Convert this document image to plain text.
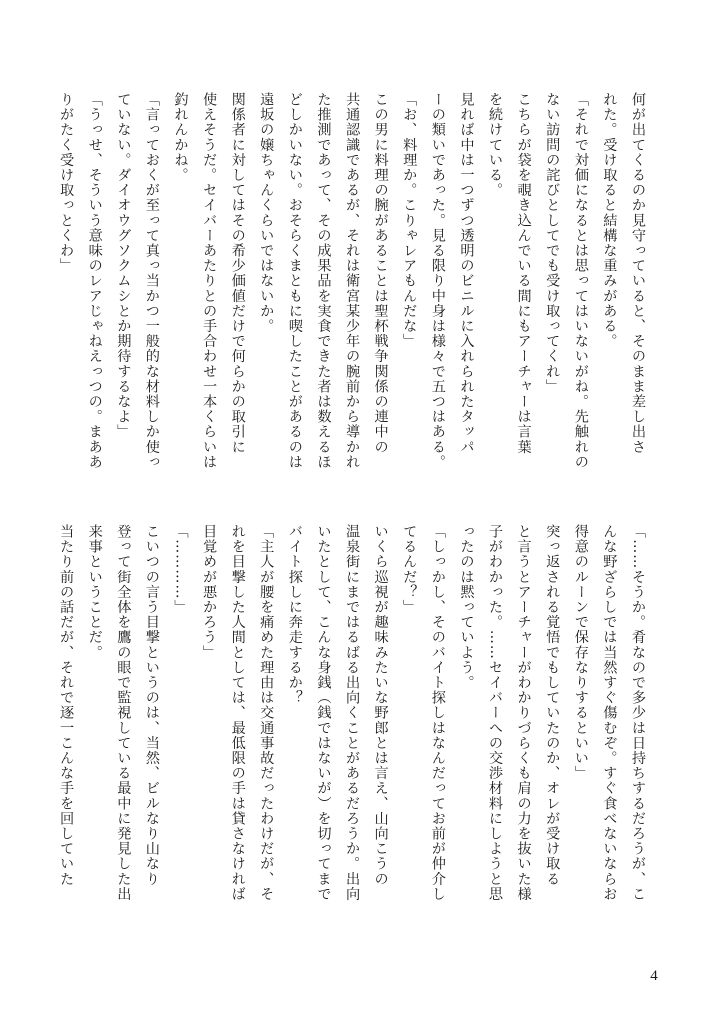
何が出てくるのか見守っていると、そのまま差し出さ
れた。受け取ると結構な重みがある。
「それで対価になるとは思ってはいないがね。先触れの
ない訪問の詫びとしてでも受け取ってくれ」
こちらが袋を覗き込んでいる間にもアーチャーは言葉
を続けている。
見れば中は一つずつ透明のビニルに入れられたタッパ
ーの類いであった。見る限り中身は様々で五つはある。
「お、料理か。こりゃレアもんだな」
この男に料理の腕があることは聖杯戦争関係の連中の
共通認識であるが、それは衛宮某少年の腕前から導かれ
た推測であって、その成果品を実食できた者は数えるほ
どしかいない。おそらくまともに喫したことがあるのは
遠坂の嬢ちゃんくらいではないか。
関係者に対してはその希少価値だけで何らかの取引に
使えそうだ。セイバーあたりとの手合わせ一本くらいは
釣れんかね。
「言っておくが至って真っ当かつ一般的な材料しか使っ
ていない。ダイオウグソクムシとか期待するなよ」
「うっせ、そういう意味のレアじゃねえっつの。まああ
りがたく受け取っとくわ」
「……そうか。肴なので多少は日持ちするだろうが、こ
んな野ざらしでは当然すぐ傷むぞ。すぐ食べないならお
得意のルーンで保存なりするといい」
突っ返される覚悟でもしていたのか、オレが受け取る
と言うとアーチャーがわかりづらくも肩の力を抜いた様
子がわかった。……セイバーへの交渉材料にしようと思
ったのは黙っていよう。
「しっかし、そのバイト探しはなんだってお前が仲介し
てるんだ？」
いくら巡視が趣味みたいな野郎とは言え、山向こうの
温泉街にまではるばる出向くことがあるだろうか。出向
いたとして、こんな身銭（銭ではないが）を切ってまで
バイト探しに奔走するか？
「主人が腰を痛めた理由は交通事故だったわけだが、そ
れを目撃した人間としては、最低限の手は貸さなければ
目覚めが悪かろう」
「…………」
こいつの言う目撃というのは、当然、ビルなり山なり
登って街全体を鷹の眼で監視している最中に発見した出
来事ということだ。
当たり前の話だが、それで逐一こんな手を回していた
4
